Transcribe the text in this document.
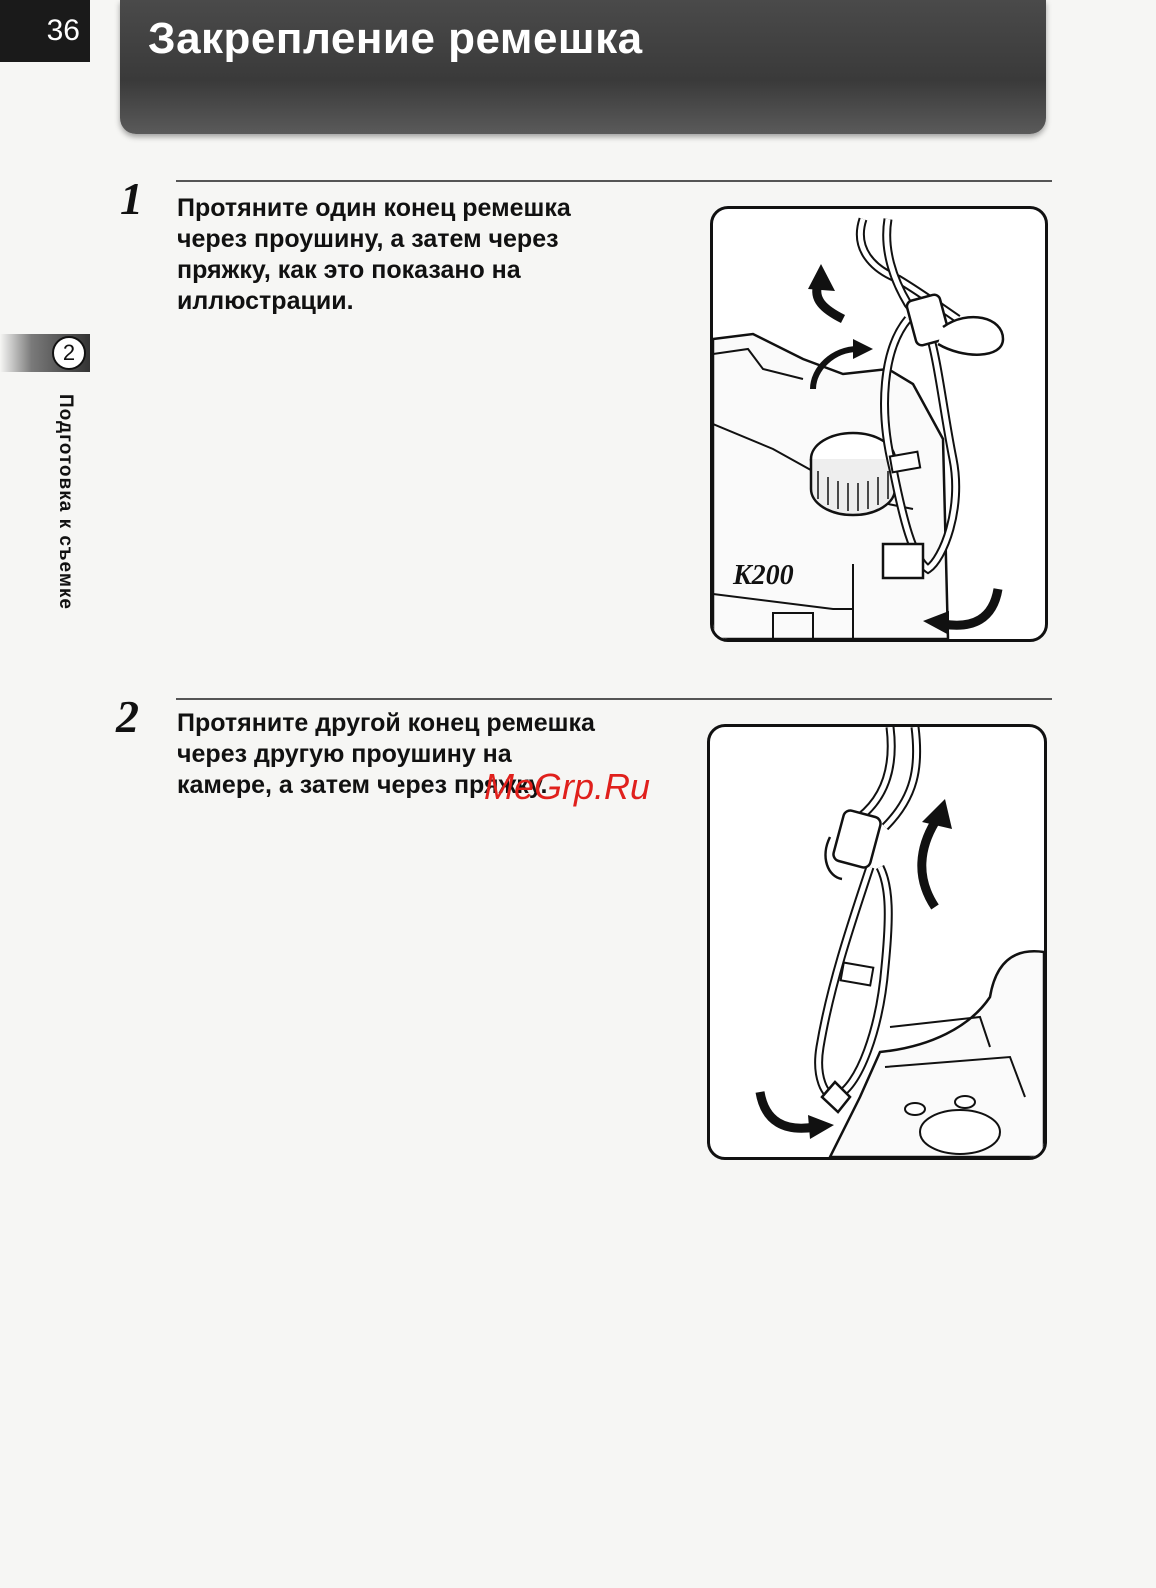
36 Закрепление ремешка
2
Подготовка к съемке
1 Протяните один конец ремешка
через проушину, а затем через
пряжку, как это показано на
иллюстрации.
K200
2 Протяните другой конец ремешка
через другую проушину на
камере, а затем через пряжку.
MeGrp.Ru
